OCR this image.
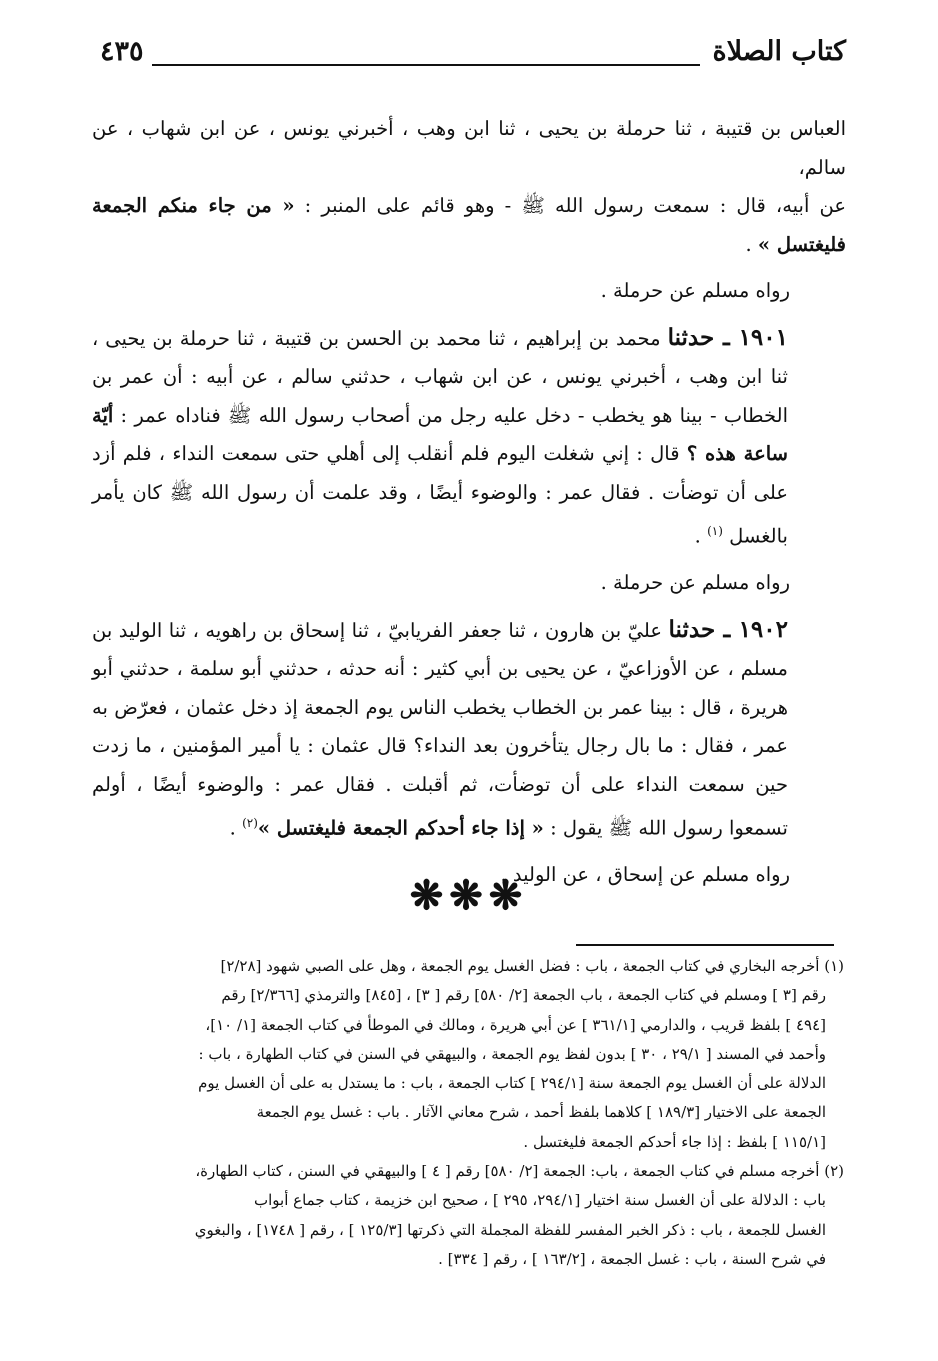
كتاب الصلاة
٤٣٥

العباس بن قتيبة ، ثنا حرملة بن يحيى ، ثنا ابن وهب ، أخبرني يونس ، عن ابن شهاب ، عن سالم،

عن أبيه، قال : سمعت رسول الله ﷺ - وهو قائم على المنبر : « من جاء منكم الجمعة فليغتسل » .

رواه مسلم عن حرملة .

١٩٠١ ـ حدثنا محمد بن إبراهيم ، ثنا محمد بن الحسن بن قتيبة ، ثنا حرملة بن يحيى ، ثنا ابن وهب ، أخبرني يونس ، عن ابن شهاب ، حدثني سالم ، عن أبيه : أن عمر بن الخطاب - بينا هو يخطب - دخل عليه رجل من أصحاب رسول الله ﷺ فناداه عمر : أيّة ساعة هذه ؟ قال : إني شغلت اليوم فلم أنقلب إلى أهلي حتى سمعت النداء ، فلم أزد على أن توضأت . فقال عمر : والوضوء أيضًا ، وقد علمت أن رسول الله ﷺ كان يأمر بالغسل $^{(١)}$ .

رواه مسلم عن حرملة .

١٩٠٢ ـ حدثنا عليّ بن هارون ، ثنا جعفر الفريابيّ ، ثنا إسحاق بن راهويه ، ثنا الوليد بن مسلم ، عن الأوزاعيّ ، عن يحيى بن أبي كثير : أنه حدثه ، حدثني أبو سلمة ، حدثني أبو هريرة ، قال : بينا عمر بن الخطاب يخطب الناس يوم الجمعة إذ دخل عثمان ، فعرّض به عمر ، فقال : ما بال رجال يتأخرون بعد النداء؟ قال عثمان : يا أمير المؤمنين ، ما زدت حين سمعت النداء على أن توضأت، ثم أقبلت . فقال عمر : والوضوء أيضًا ، أولم تسمعوا رسول الله ﷺ يقول : « إذا جاء أحدكم الجمعة فليغتسل »$^{(٢)}$ .

رواه مسلم عن إسحاق ، عن الوليد .

❋❋❋

(١) أخرجه البخاري في كتاب الجمعة ، باب : فضل الغسل يوم الجمعة ، وهل على الصبي شهود [٢/٢٨]

رقم [٣ ] ومسلم في كتاب الجمعة ، باب الجمعة [٢/ ٥٨٠] رقم [ ٣] ، [٨٤٥] والترمذي [٢/٣٦٦] رقم

[٤٩٤ ] بلفظ قريب ، والدارمي [٣٦١/١ ] عن أبي هريرة ، ومالك في الموطأ في كتاب الجمعة [١/ ١٠]،

وأحمد في المسند [ ٢٩/١ ، ٣٠ ] بدون لفظ يوم الجمعة ، والبيهقي في السنن في كتاب الطهارة ، باب :

الدلالة على أن الغسل يوم الجمعة سنة [٢٩٤/١ ] كتاب الجمعة ، باب : ما يستدل به على أن الغسل يوم

الجمعة على الاختيار [١٨٩/٣ ] كلاهما بلفظ أحمد ، شرح معاني الآثار . باب : غسل يوم الجمعة

[١١٥/١ ] بلفظ : إذا جاء أحدكم الجمعة فليغتسل .

(٢) أخرجه مسلم في كتاب الجمعة ، باب: الجمعة [٢/ ٥٨٠] رقم [ ٤ ] والبيهقي في السنن ، كتاب الطهارة،

باب : الدلالة على أن الغسل سنة اختيار [٢٩٤/١، ٢٩٥ ] ، صحيح ابن خزيمة ، كتاب جماع أبواب

الغسل للجمعة ، باب : ذكر الخبر المفسر للفظة المجملة التي ذكرتها [١٢٥/٣ ] ، رقم [ ١٧٤٨] ، والبغوي

في شرح السنة ، باب : غسل الجمعة ، [١٦٣/٢ ] ، رقم [ ٣٣٤] .
